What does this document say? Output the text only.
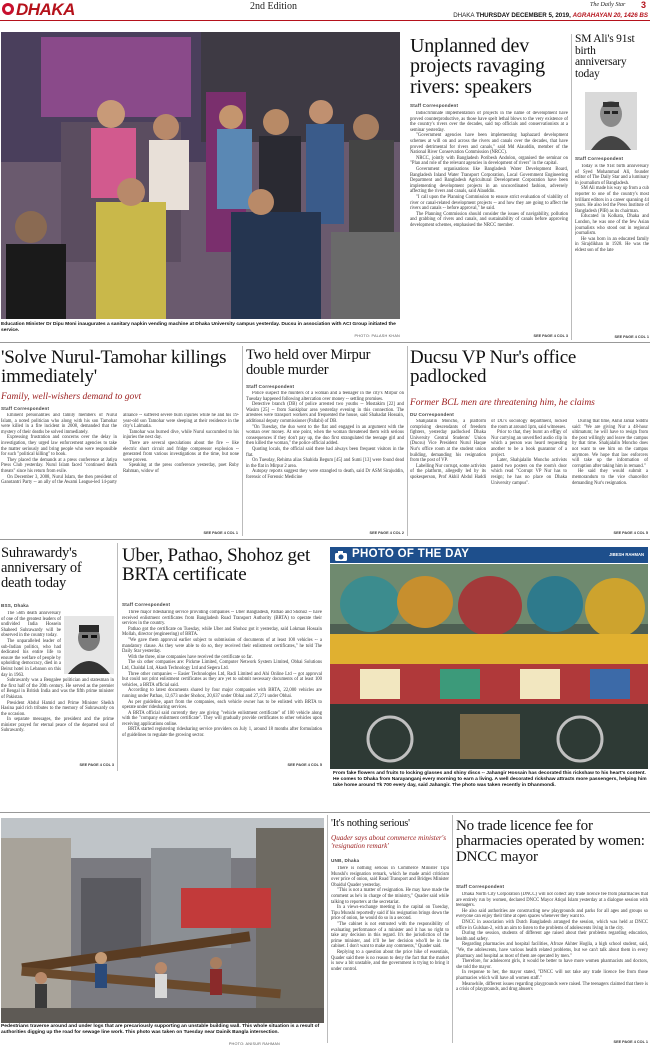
DHAKA	2nd Edition	The Daily Star 3
DHAKA THURSDAY DECEMBER 5, 2019, AGRAHAYAN 20, 1426 BS
Education Minister Dr Dipu Moni inaugurates a sanitary napkin vending machine at Dhaka University campus yesterday. Ducsu in association with ACI Group initiated the service.
PHOTO: PALASH KHAN
Unplanned dev projects ravaging rivers: speakers
Staff Correspondent

Indiscriminate implementation of projects in the name of development have proved counterproductive, as those have spelt lethal blows to the very existence of the country's rivers over the decades, said top officials and conservationists at a seminar yesterday.

"Government agencies have been implementing haphazard development schemes at will on and across the rivers and canals over the decades, that have proved detrimental for rivers and canals," said Md Alauddin, member of the National River Conservation Commission (NRCC).

NRCC, jointly with Bangladesh Poribesh Andolon, organised the seminar on "Plan and role of the relevant agencies in development of rivers" in the capital.

Government organisations like Bangladesh Water Development Board, Bangladesh Inland Water Transport Corporation, Local Government Engineering Department and Bangladesh Agricultural Development Corporation have been implementing development projects in an uncoordinated fashion, adversely affecting the rivers and canals, said Alauddin.

"I call upon the Planning Commission to ensure strict evaluation of viability of river or canal-related development projects -- and how they are going to affect the rivers and canals -- before approval," he said.

The Planning Commission should consider the issues of navigability, pollution and grabbing of rivers and canals, and sustainability of canals before approving development schemes, emphasised the NRCC member.

SEE PAGE 4 COL 3
SM Ali's 91st birth anniversary today
Staff Correspondent

Today is the 91st birth anniversary of Syed Mohammad Ali, founder editor of The Daily Star and a luminary in journalism of Bangladesh.

SM Ali made his way up from a cub reporter to one of the country's most brilliant editors in a career spanning 44 years. He also led the Press Institute of Bangladesh (PIB) as its chairman.

Educated in Kolkata, Dhaka and London, he was one of the few Asian journalists who stood out in regional journalism.

He was born in an educated family in Sirajdikhan in 1928. He was the eldest son of the late

SEE PAGE 4 COL 1
'Solve Nurul-Tamohar killings immediately'
Family, well-wishers demand to govt
Staff Correspondent

Eminent personalities and family members of Nurul Islam, a noted politician who along with his son Tamohar were killed in a fire incident in 2008, demanded that the mystery of their deaths be solved immediately.

Expressing frustration and concerns over the delay in investigation, they urged law enforcement agencies to take the matter seriously and bring people who were responsible for such "political killing" to book.

They placed the demands at a press conference at Jatiya Press Club yesterday. Nurul Islam faced "continued death threats" since his return from exile.

On December 3, 2008, Nurul Islam, the then president of Ganotantri Party -- an ally of the Awami League-led 14-party alliance -- suffered severe burn injuries while he and his 19-year-old son Tamohar were sleeping at their residence in the city's Lalmatia.

Tamohar was burned dive, while Nurul succumbed to his injuries the next day.

There are several speculations about the fire -- like electric short circuit and fridge compressor explosion -- generated from various investigations at the time, but none were proven.

Speaking at the press conference yesterday, poet Ruby Rahman, widow of

SEE PAGE 4 COL 1
Two held over Mirpur double murder
Staff Correspondent

Police suspect the murders of a woman and a teenager in the city's Mirpur on Tuesday happened following altercation over money -- settling promises.

Detective branch (DB) of police arrested two youths -- Mostakim [22] and Wasim [25] -- from Sankipbar area yesterday evening in this connection. The arrestees were transport workers and frequented the house, said Shahadat Hossain, additional deputy commissioner (Pallabi) of DB.

"On Tuesday, the duo went to the flat and engaged in an argument with the woman over money. At one point, when the woman threatened them with serious consequences if they don't pay up, the duo first strangulated the teenage girl and then killed the woman," the police official added.

Quoting locals, the official said there had always been frequent visitors in the flat.

On Tuesday, Rehima alias Shahida Begum [45] and Sumi [13] were found dead in the flat in Mirpur 2 area.

Autopsy reports suggest they were strangled to death, said Dr ASM Sirajuddin, forensic of Forensic Medicine

SEE PAGE 4 COL 2
Ducsu VP Nur's office padlocked
Former BCL men are threatening him, he claims
DU Correspondent

Shahjalalin Moncho, a platform comprising descendants of freedom fighters, yesterday padlocked Dhaka University Central Students' Union (Ducsu) Vice President Nurul Haque Nur's office room at the student union building, demanding his resignation from the post of VP.

Labelling Nur corrupt, some activists of the platform, allegedly led by its spokesperson, Prof Akhil Abdul Haddi of DU's sociology department, locked the room at around 1pm, said witnesses.

Prior to that, they burnt an effigy of Nur carrying an unverified audio clip in which a person was heard requesting another to be a book guarantor of a project.

Later, Shahjalalin Moncho activists pasted two posters on the room's door which read "Corrupt VP Nur has to resign; he has no place on Dhaka University campus".

During that time, Akhil Jamal Siddhi said: "We are giving Nur a 48-hour ultimatum; he will have to resign from the post willingly and leave the campus by that time. Shahjalalin Moncho does not want to see him on the campus anymore. We hope that law enforcers will take up the information of corruption after taking him in remand."

He said they would submit a memorandum to the vice chancellor demanding Nur's resignation.

SEE PAGE 4 COL 5
Suhrawardy's anniversary of death today
BSS, Dhaka

The 56th death anniversary of one of the greatest leaders of undivided India Hossein Shaheed Suhrawardy will be observed in the country today.

The unparalleled leader of sub-Indian politics, who had dedicated his entire life to ensure the welfare of people by upholding democracy, died in a Beirut hotel in Lebanon on this day in 1963.

Suhrawardy was a Bengalee politician and statesman in the first half of the 20th century. He served as the premier of Bengal in British India and was the fifth prime minister of Pakistan.

President Abdul Hamid and Prime Minister Sheikh Hasina paid rich tributes to the memory of Suhrawardy on the occasion.

In separate messages, the president and the prime minister prayed for eternal peace of the departed soul of Suhrawardy.

SEE PAGE 4 COL 3
Uber, Pathao, Shohoz get BRTA certificate
Staff Correspondent

Three major ridesharing service providing companies -- Uber Bangladesh, Pathao and Shohoz -- have received enlistment certificates from Bangladesh Road Transport Authority (BRTA) to operate their services in the country.

Pathao got the certificate on Tuesday, while Uber and Shohoz got it yesterday, said Lokman Hossain Mollah, director (engineering) of BRTA.

"We gave them approval earlier subject to submission of documents of at least 100 vehicles -- a mandatory clause. As they were able to do so, they received their enlistment certificates," he told The Daily Star yesterday.

With the three, nine companies have received the certificate so far.

The six other companies are: Pickme Limited, Computer Network System Limited, Obhai Solutions Ltd, Chaldal Ltd, Akash Technology Ltd and Segera Ltd.

Three other companies -- Easier Technologies Ltd, Radi Limited and Ahi Online Ltd -- got approval but could not print enlistment certificates as they are yet to submit necessary documents of at least 100 vehicles, a BRTA official said.

According to latest documents shared by four major companies with BRTA, 22,000 vehicles are running under Pathao, 12,673 under Shohoz, 20,637 under Obhai and 27,271 under Obhai.

As per guideline, apart from the companies, each vehicle owner has to be enlisted with BRTA to operate under ridesharing services.

A BRTA official said currently they are giving "vehicle enlistment certificate" of 100 vehicle along with the "company enlistment certificate". They will gradually provide certificates to other vehicles upon receiving applications online.

BRTA started registering ridesharing service providers on July 1, around 18 months after formulation of guidelines to regulate the growing sector.

SEE PAGE 4 COL 5
PHOTO OF THE DAY	JIBESH RAHMAN
From fake flowers and fruits to locking glasses and shiny discs -- Jahangir Hossain has decorated this rickshaw to his heart's content. He comes to Dhaka from Narayanganj every morning to earn a living. A well decorated rickshaw attracts more passengers, helping him take home around Tk 700 every day, said Jahangir. The photo was taken recently in Dhanmondi.
Pedestrians traverse around and under logs that are precariously supporting an unstable building wall. This whole situation is a result of authorities digging up the road for sewage line work. This photo was taken on Tuesday near Dainik Bangla intersection.
PHOTO: ANISUR RAHMAN
'It's nothing serious'
Quader says about commerce minister's 'resignation remark'
UNB, Dhaka

There is nothing serious in Commerce Minister Tipu Munshi's resignation remark, which he made amid criticism over price of onion, said Road Transport and Bridges Minister Obaidul Quader yesterday.

"This is not a matter of resignation. He may have made the comment as he's in charge of the ministry," Quader said while talking to reporters at the secretariat.

In a views-exchange meeting in the capital on Tuesday, Tipu Munshi reportedly said if his resignation brings down the price of onion, he would do so in a second.

"The cabinet is not entrusted with the responsibility of evaluating performance of a minister and it has no right to take any decision in this regard. It's the jurisdiction of the prime minister, and it'll be her decision who'll be in the cabinet. I don't want to make any comments," Quader said.

Replying to a question about the price hike of essentials, Quader said there is no reason to deny the fact that the market is now a bit unstable, and the government is trying to bring it under control.

No trade licence fee for pharmacies operated by women: DNCC mayor
Staff Correspondent

Dhaka North City Corporation (DNCC) will not collect any trade licence fee from pharmacies that are entirely run by women, declared DNCC Mayor Atiqul Islam yesterday at a dialogue session with teenagers.

He also said authorities are constructing new playgrounds and parks for all ages and groups so everyone can enjoy their time at open spaces whenever they want to.

DNCC in association with Dutch Bangladesh arranged the session, which was held at DNCC office in Gulshan-2, with an aim to listen to the problems of adolescents living in the city.

During the session, students of different age raised about their problems regarding education, health and safety.

Regarding pharmacies and hospital facilities, Afroze Akhter Hoglia, a high school student, said, "We, the adolescents, have various health related problems, but we can't talk about them in every pharmacy and hospital as most of them are operated by men."

Therefore, for adolescent girls, it would be better to have more women pharmacists and doctors, she told the mayor.

In response to her, the mayor stated, "DNCC will not take any trade licence fee from those pharmacies which will have all women staff."

Meanwhile, different issues regarding playgrounds were raised. The teenagers claimed that there is a crisis of playgrounds, and drug abusers

SEE PAGE 4 COL 1
